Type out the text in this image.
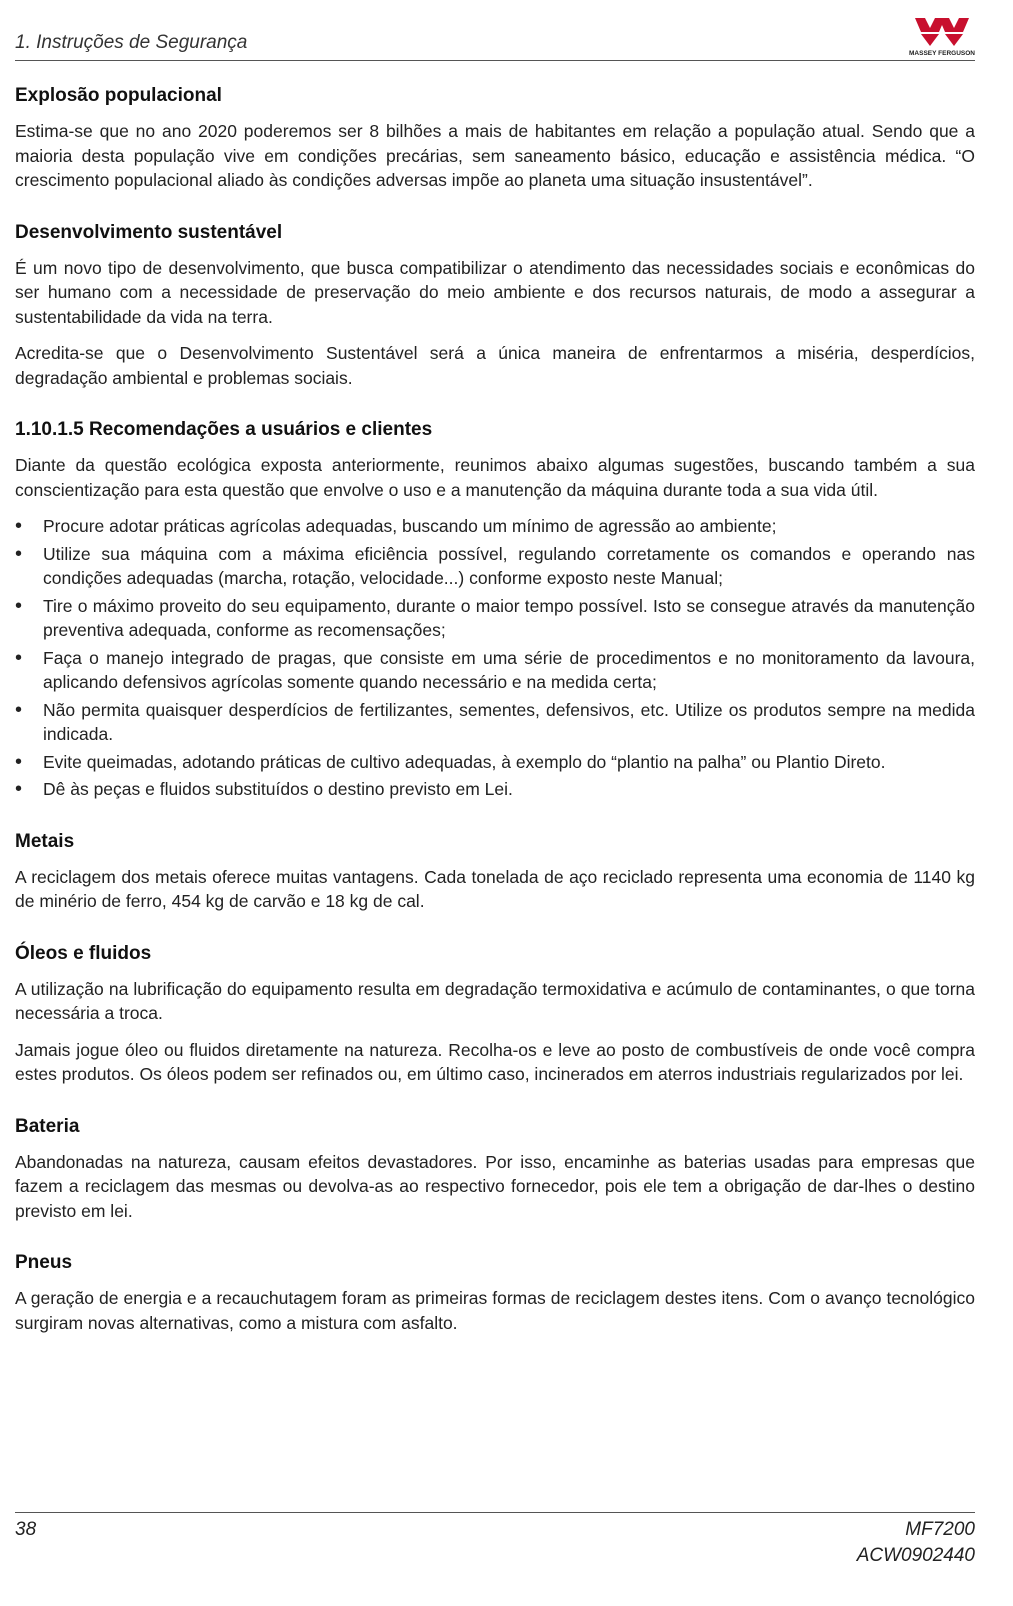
1. Instruções de Segurança
MASSEY FERGUSON
Explosão populacional

Estima-se que no ano 2020 poderemos ser 8 bilhões a mais de habitantes em relação a população atual. Sendo que a maioria desta população vive em condições precárias, sem saneamento básico, educação e assistência médica. “O crescimento populacional aliado às condições adversas impõe ao planeta uma situação insustentável”.

Desenvolvimento sustentável

É um novo tipo de desenvolvimento, que busca compatibilizar o atendimento das necessidades sociais e econômicas do ser humano com a necessidade de preservação do meio ambiente e dos recursos naturais, de modo a assegurar a sustentabilidade da vida na terra.

Acredita-se que o Desenvolvimento Sustentável será a única maneira de enfrentarmos a miséria, desperdícios, degradação ambiental e problemas sociais.

1.10.1.5 Recomendações a usuários e clientes

Diante da questão ecológica exposta anteriormente, reunimos abaixo algumas sugestões, buscando também a sua conscientização para esta questão que envolve o uso e a manutenção da máquina durante toda a sua vida útil.

• Procure adotar práticas agrícolas adequadas, buscando um mínimo de agressão ao ambiente;
• Utilize sua máquina com a máxima eficiência possível, regulando corretamente os comandos e operando nas condições adequadas (marcha, rotação, velocidade...) conforme exposto neste Manual;
• Tire o máximo proveito do seu equipamento, durante o maior tempo possível. Isto se consegue através da manutenção preventiva adequada, conforme as recomensações;
• Faça o manejo integrado de pragas, que consiste em uma série de procedimentos e no monitoramento da lavoura, aplicando defensivos agrícolas somente quando necessário e na medida certa;
• Não permita quaisquer desperdícios de fertilizantes, sementes, defensivos, etc. Utilize os produtos sempre na medida indicada.
• Evite queimadas, adotando práticas de cultivo adequadas, à exemplo do “plantio na palha” ou Plantio Direto.
• Dê às peças e fluidos substituídos o destino previsto em Lei.
Metais

A reciclagem dos metais oferece muitas vantagens. Cada tonelada de aço reciclado representa uma economia de 1140 kg de minério de ferro, 454 kg de carvão e 18 kg de cal.

Óleos e fluidos

A utilização na lubrificação do equipamento resulta em degradação termoxidativa e acúmulo de contaminantes, o que torna necessária a troca.

Jamais jogue óleo ou fluidos diretamente na natureza. Recolha-os e leve ao posto de combustíveis de onde você compra estes produtos. Os óleos podem ser refinados ou, em último caso, incinerados em aterros industriais regularizados por lei.

Bateria

Abandonadas na natureza, causam efeitos devastadores. Por isso, encaminhe as baterias usadas para empresas que fazem a reciclagem das mesmas ou devolva-as ao respectivo fornecedor, pois ele tem a obrigação de dar-lhes o destino previsto em lei.

Pneus

A geração de energia e a recauchutagem foram as primeiras formas de reciclagem destes itens. Com o avanço tecnológico surgiram novas alternativas, como a mistura com asfalto.

38	MF7200
ACW0902440
